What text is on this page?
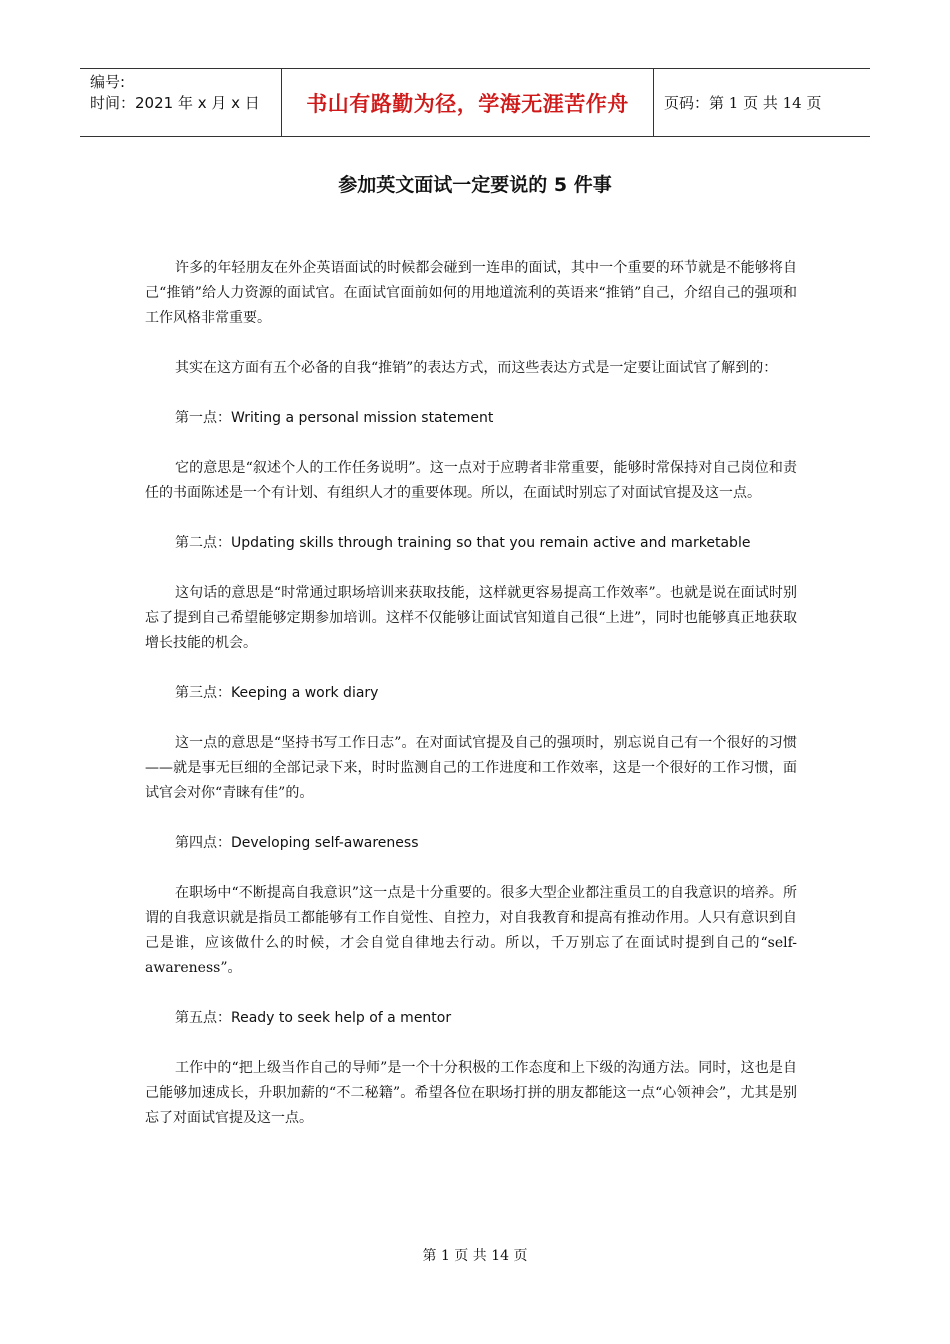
编号:
时间：2021 年 x 月 x 日	书山有路勤为径，学海无涯苦作舟	页码：第 1 页 共 14 页
参加英文面试一定要说的 5 件事

许多的年轻朋友在外企英语面试的时候都会碰到一连串的面试，其中一个重要的环节就是不能够将自己“推销”给人力资源的面试官。在面试官面前如何的用地道流利的英语来“推销”自己，介绍自己的强项和工作风格非常重要。

其实在这方面有五个必备的自我“推销”的表达方式，而这些表达方式是一定要让面试官了解到的：

第一点：Writing a personal mission statement

它的意思是“叙述个人的工作任务说明”。这一点对于应聘者非常重要，能够时常保持对自己岗位和责任的书面陈述是一个有计划、有组织人才的重要体现。所以，在面试时别忘了对面试官提及这一点。

第二点：Updating skills through training so that you remain active and marketable

这句话的意思是“时常通过职场培训来获取技能，这样就更容易提高工作效率”。也就是说在面试时别忘了提到自己希望能够定期参加培训。这样不仅能够让面试官知道自己很“上进”，同时也能够真正地获取增长技能的机会。

第三点：Keeping a work diary

这一点的意思是“坚持书写工作日志”。在对面试官提及自己的强项时，别忘说自己有一个很好的习惯——就是事无巨细的全部记录下来，时时监测自己的工作进度和工作效率，这是一个很好的工作习惯，面试官会对你“青睐有佳”的。

第四点：Developing self-awareness

在职场中“不断提高自我意识”这一点是十分重要的。很多大型企业都注重员工的自我意识的培养。所谓的自我意识就是指员工都能够有工作自觉性、自控力，对自我教育和提高有推动作用。人只有意识到自己是谁，应该做什么的时候，才会自觉自律地去行动。所以，千万别忘了在面试时提到自己的“self-awareness”。

第五点：Ready to seek help of a mentor

工作中的“把上级当作自己的导师”是一个十分积极的工作态度和上下级的沟通方法。同时，这也是自己能够加速成长，升职加薪的“不二秘籍”。希望各位在职场打拼的朋友都能这一点“心领神会”，尤其是别忘了对面试官提及这一点。

第 1 页 共 14 页
